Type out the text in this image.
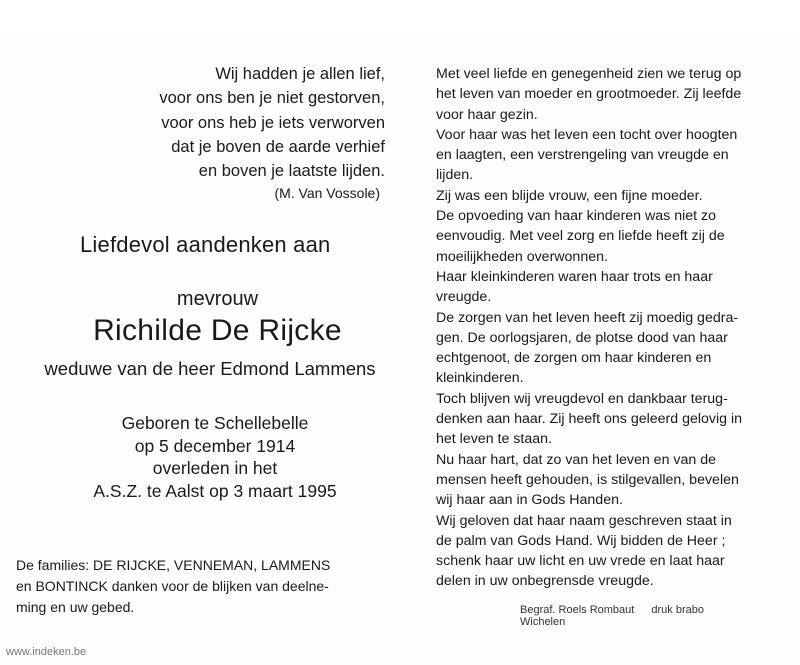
Wij hadden je allen lief,
voor ons ben je niet gestorven,
voor ons heb je iets verworven
dat je boven de aarde verhief
en boven je laatste lijden.
(M. Van Vossole)
Liefdevol aandenken aan
mevrouw
Richilde De Rijcke
weduwe van de heer Edmond Lammens
Geboren te Schellebelle
op 5 december 1914
overleden in het
A.S.Z. te Aalst op 3 maart 1995
De families: DE RIJCKE, VENNEMAN, LAMMENS
en BONTINCK danken voor de blijken van deelne-
ming en uw gebed.
Met veel liefde en genegenheid zien we terug op
het leven van moeder en grootmoeder. Zij leefde
voor haar gezin.
Voor haar was het leven een tocht over hoogten
en laagten, een verstrengeling van vreugde en
lijden.
Zij was een blijde vrouw, een fijne moeder.
De opvoeding van haar kinderen was niet zo
eenvoudig. Met veel zorg en liefde heeft zij de
moeilijkheden overwonnen.
Haar kleinkinderen waren haar trots en haar
vreugde.
De zorgen van het leven heeft zij moedig gedra-
gen. De oorlogsjaren, de plotse dood van haar
echtgenoot, de zorgen om haar kinderen en
kleinkinderen.
Toch blijven wij vreugdevol en dankbaar terug-
denken aan haar. Zij heeft ons geleerd gelovig in
het leven te staan.
Nu haar hart, dat zo van het leven en van de
mensen heeft gehouden, is stilgevallen, bevelen
wij haar aan in Gods Handen.
Wij geloven dat haar naam geschreven staat in
de palm van Gods Hand. Wij bidden de Heer ;
schenk haar uw licht en uw vrede en laat haar
delen in uw onbegrensde vreugde.
Begraf. Roels Rombaut druk brabo Wichelen
www.indeken.be
